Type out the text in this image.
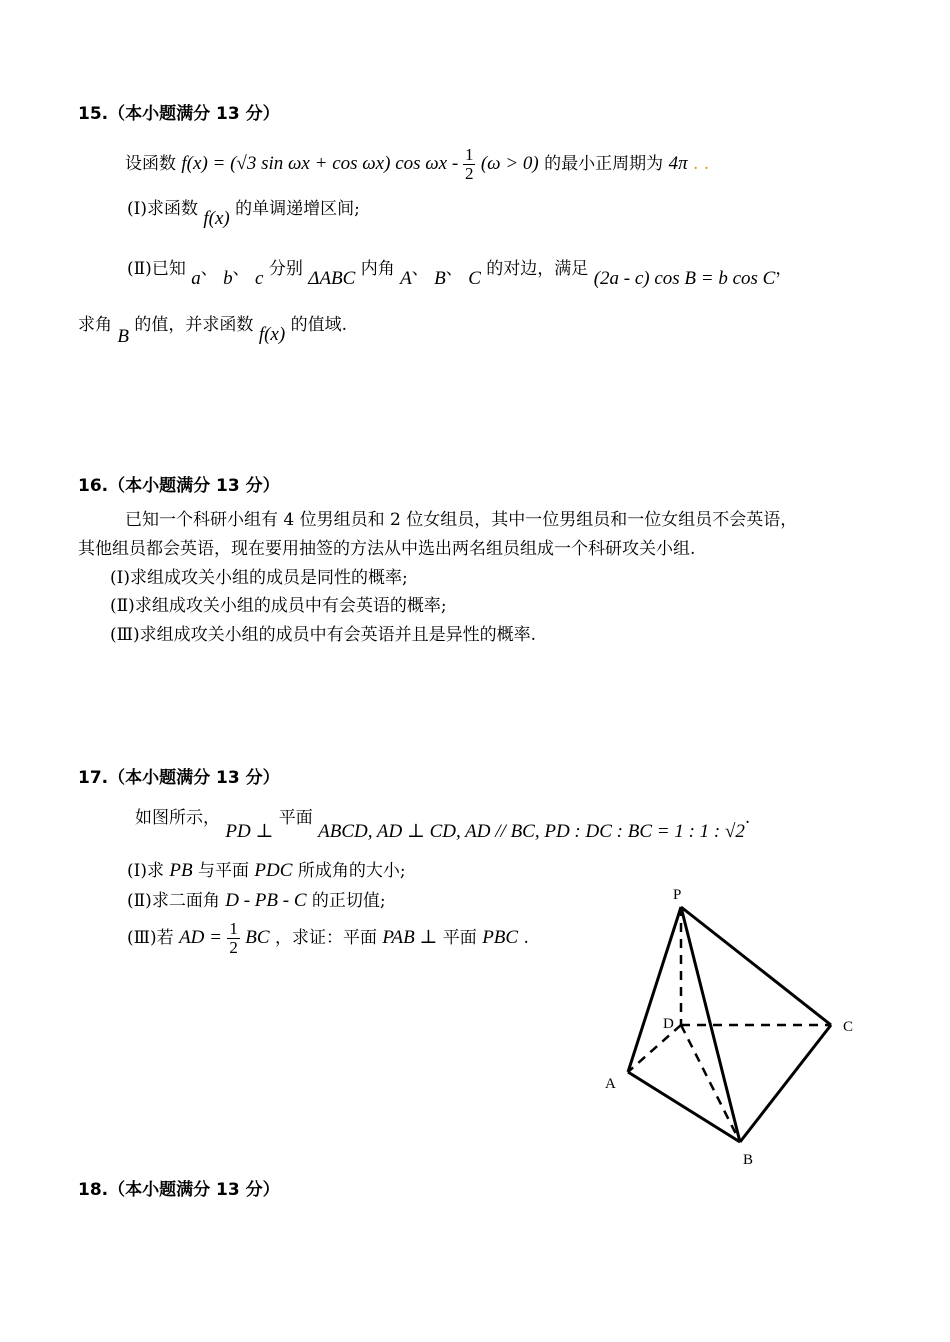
15.（本小题满分 13 分）
设函数 f(x) = (√3 sin ωx + cos ωx) $\cos \omega x - \frac{1}{2} (\omega > 0)$ 的最小正周期为 4π . .
(Ⅰ)求函数 f(x) 的单调递增区间;
(Ⅱ)已知 a、 b、 c 分别 ΔABC 内角 A、 B、 C 的对边，满足 (2a - c) cos B = b cos C，
求角 B 的值，并求函数 f(x) 的值域.
16.（本小题满分 13 分）
已知一个科研小组有 4 位男组员和 2 位女组员，其中一位男组员和一位女组员不会英语，
其他组员都会英语，现在要用抽签的方法从中选出两名组员组成一个科研攻关小组.
(Ⅰ)求组成攻关小组的成员是同性的概率;
(Ⅱ)求组成攻关小组的成员中有会英语的概率;
(Ⅲ)求组成攻关小组的成员中有会英语并且是异性的概率.
17.（本小题满分 13 分）
如图所示， PD ⊥ 平面 ABCD, AD ⊥ CD, AD // BC, PD : DC : BC = 1 : 1 : √2.
(Ⅰ)求 PB 与平面 PDC 所成角的大小;
(Ⅱ)求二面角 D - PB - C 的正切值;
(Ⅲ)若 AD = $\frac{1}{2}$ BC ，求证：平面 PAB ⊥ 平面 PBC .
P
D	C
A
B
18.（本小题满分 13 分）
